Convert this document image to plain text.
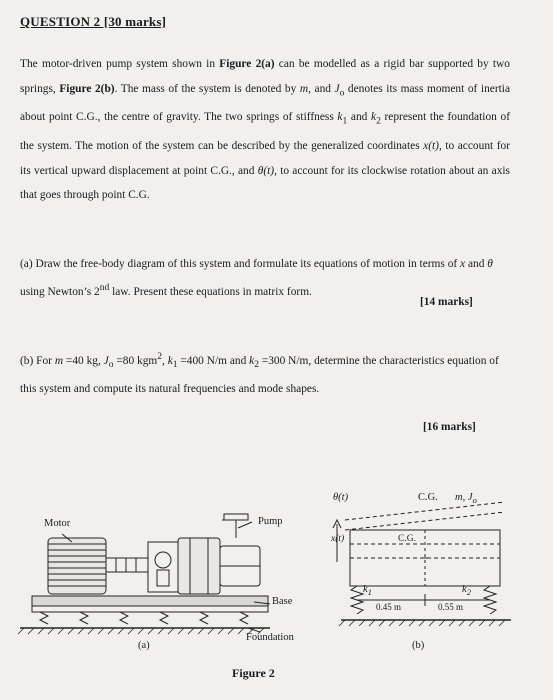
QUESTION 2 [30 marks]
The motor-driven pump system shown in Figure 2(a) can be modelled as a rigid bar supported by two springs, Figure 2(b). The mass of the system is denoted by m, and $J_o$ denotes its mass moment of inertia about point C.G., the centre of gravity. The two springs of stiffness $k_1$ and $k_2$ represent the foundation of the system. The motion of the system can be described by the generalized coordinates x(t), to account for its vertical upward displacement at point C.G., and θ(t), to account for its clockwise rotation about an axis that goes through point C.G.
(a) Draw the free-body diagram of this system and formulate its equations of motion in terms of x and θ using Newton’s 2nd law. Present these equations in matrix form.
[14 marks]
(b) For m =40 kg, $J_o =80$ kgm$^2$, $k_1 =400$ N/m and $k_2 =300$ N/m, determine the characteristics equation of this system and compute its natural frequencies and mode shapes.
[16 marks]
Motor	Pump
Base
Foundation
(a)
θ(t)	C.G. m, $J_o$
x(t)	C.G.
$k_1$	$k_2$
0.45 m	0.55 m
(b)
Figure 2
